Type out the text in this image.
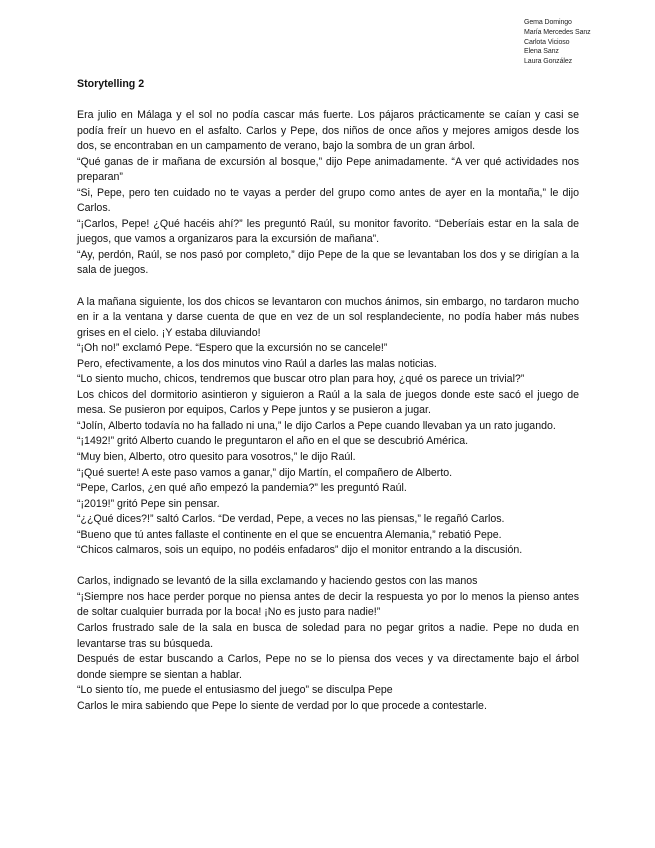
Gema Domingo
María Mercedes Sanz
Carlota Vicioso
Elena Sanz
Laura González
Storytelling 2

Era julio en Málaga y el sol no podía cascar más fuerte. Los pájaros prácticamente se caían y casi se podía freír un huevo en el asfalto. Carlos y Pepe, dos niños de once años y mejores amigos desde los dos, se encontraban en un campamento de verano, bajo la sombra de un gran árbol.

“Qué ganas de ir mañana de excursión al bosque,” dijo Pepe animadamente. “A ver qué actividades nos preparan”

“Si, Pepe, pero ten cuidado no te vayas a perder del grupo como antes de ayer en la montaña,” le dijo Carlos.

“¡Carlos, Pepe! ¿Qué hacéis ahí?” les preguntó Raúl, su monitor favorito. “Deberíais estar en la sala de juegos, que vamos a organizaros para la excursión de mañana”.

“Ay, perdón, Raúl, se nos pasó por completo,” dijo Pepe de la que se levantaban los dos y se dirigían a la sala de juegos.

A la mañana siguiente, los dos chicos se levantaron con muchos ánimos, sin embargo, no tardaron mucho en ir a la ventana y darse cuenta de que en vez de un sol resplandeciente, no podía haber más nubes grises en el cielo. ¡Y estaba diluviando!

“¡Oh no!” exclamó Pepe. “Espero que la excursión no se cancele!”

Pero, efectivamente, a los dos minutos vino Raúl a darles las malas noticias.

“Lo siento mucho, chicos, tendremos que buscar otro plan para hoy, ¿qué os parece un trivial?”

Los chicos del dormitorio asintieron y siguieron a Raúl a la sala de juegos donde este sacó el juego de mesa. Se pusieron por equipos, Carlos y Pepe juntos y se pusieron a jugar.

“Jolín, Alberto todavía no ha fallado ni una,” le dijo Carlos a Pepe cuando llevaban ya un rato jugando.

“¡1492!” gritó Alberto cuando le preguntaron el año en el que se descubrió América.

“Muy bien, Alberto, otro quesito para vosotros,” le dijo Raúl.

“¡Qué suerte! A este paso vamos a ganar,” dijo Martín, el compañero de Alberto.

“Pepe, Carlos, ¿en qué año empezó la pandemia?” les preguntó Raúl.

“¡2019!” gritó Pepe sin pensar.

“¿¿Qué dices?!” saltó Carlos. “De verdad, Pepe, a veces no las piensas,” le regañó Carlos.

“Bueno que tú antes fallaste el continente en el que se encuentra Alemania,” rebatió Pepe.

“Chicos calmaros, sois un equipo, no podéis enfadaros” dijo el monitor entrando a la discusión.

Carlos, indignado se levantó de la silla exclamando y haciendo gestos con las manos

“¡Siempre nos hace perder porque no piensa antes de decir la respuesta yo por lo menos la pienso antes de soltar cualquier burrada por la boca! ¡No es justo para nadie!”

Carlos frustrado sale de la sala en busca de soledad para no pegar gritos a nadie. Pepe no duda en levantarse tras su búsqueda.

Después de estar buscando a Carlos, Pepe no se lo piensa dos veces y va directamente bajo el árbol donde siempre se sientan a hablar.

“Lo siento tío, me puede el entusiasmo del juego” se disculpa Pepe

Carlos le mira sabiendo que Pepe lo siente de verdad por lo que procede a contestarle.
